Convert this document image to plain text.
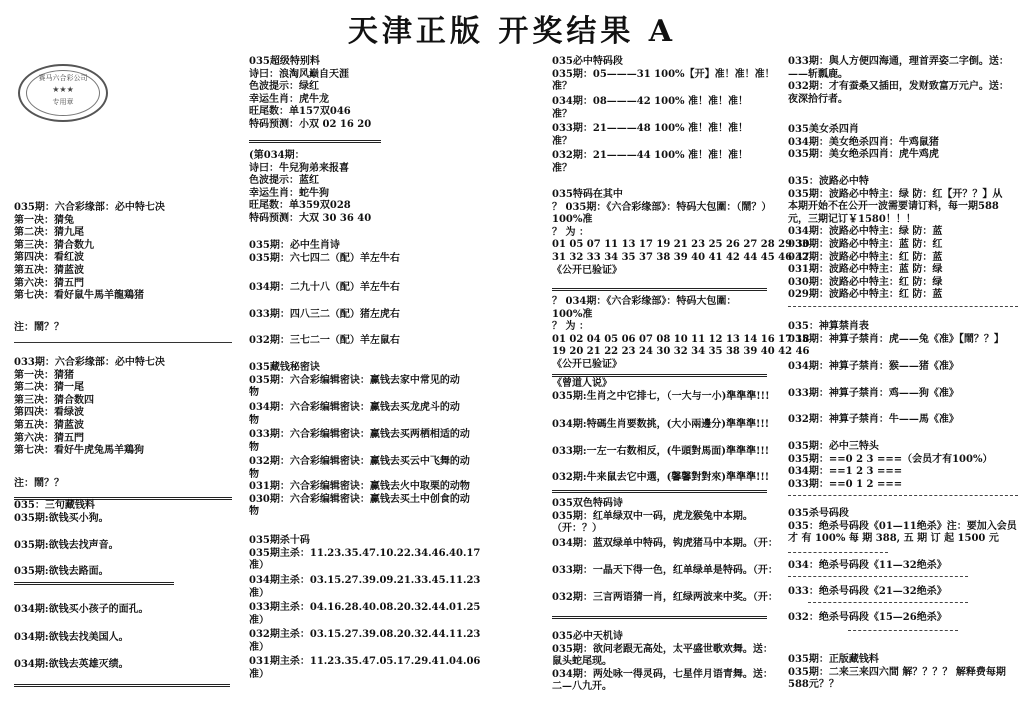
天津正版 开奖结果 A
赛马六合彩公司
★★★
专用章
035期：六合彩缘部：必中特七决
第一决：猜兔
第二决：猜九尾
第三决：猜合数九
第四决：看红波
第五决：猜蓝波
第六决：猜五門
第七决：看好鼠牛馬羊龍鶏猪
注：鬧？？
033期：六合彩缘部：必中特七决
第一决：猜猪
第二决：猜一尾
第三决：猜合数四
第四决：看绿波
第五决：猜蓝波
第六决：猜五門
第七决：看好牛虎兔馬羊鶏狗
注：鬧？？
035：三句藏钱料
035期:欲钱买小狗。
035期:欲钱去找声音。
035期:欲钱去路面。
034期:欲钱买小孩子的面孔。
034期:欲钱去找美国人。
034期:欲钱去英雄灭绩。
035超级特别料
诗曰：浪淘风巅自天涯
色波提示：绿红
幸运生肖：虎牛龙
旺尾数：单157双046
特码预测：小双 02 16 20
(第034期：
诗曰：牛兒狗弟来报喜
色波提示：蓝红
幸运生肖：蛇牛狗
旺尾数：单359双028
特码预测：大双 30 36 40
035期：必中生肖诗
035期：六七四二（配）羊左牛右
034期：二九十八（配）羊左牛右
033期：四八三二（配）猪左虎右
032期：三七二一（配）羊左鼠右
035藏钱秘密诀
035期：六合彩编辑密诀：赢钱去家中常见的动
物
034期：六合彩编辑密诀：赢钱去买龙虎斗的动
物
033期：六合彩编辑密诀：赢钱去买两栖相适的动
物
032期：六合彩编辑密诀：赢钱去买云中飞舞的动
物
031期：六合彩编辑密诀：赢钱去火中取栗的动物
030期：六合彩编辑密诀：赢钱去买土中创食的动
物
035期杀十码
035期主杀：11.23.35.47.10.22.34.46.40.17
准）
034期主杀：03.15.27.39.09.21.33.45.11.23
准）
033期主杀：04.16.28.40.08.20.32.44.01.25
准）
032期主杀：03.15.27.39.08.20.32.44.11.23
准）
031期主杀：11.23.35.47.05.17.29.41.04.06
准）
035必中特码段
035期：05———31 100%【开】准！准！准！
准？
034期：08———42 100% 准！准！准！
准？
033期：21———48 100% 准！准！准！
准？
032期：21———44 100% 准！准！准！
准？
035特码在其中
？ 035期：《六合彩缘部》：特码大包圍：（鬧？）
100%准
？ 为 ：
01 05 07 11 13 17 19 21 23 25 26 27 28 29 30
31 32 33 34 35 37 38 39 40 41 42 44 45 46 47
《公开已验证》
？ 034期：《六合彩缘部》：特码大包圍：
100%准
？ 为 ：
01 02 04 05 06 07 08 10 11 12 13 14 16 17 18
19 20 21 22 23 24 30 32 34 35 38 39 40 42 46
《公开已验证》
《曾道人说》
035期:生肖之中它排七，（一大与一小)準準準!!!
034期:特碼生肖要数挑，(大小兩邊分)準準準!!!
033期:一左一右数相反，(牛頭對馬面)準準準!!!
032期:牛来鼠去它中選，(馨馨對對來)準準準!!!
035双色特码诗
035期：红单绿双中一码，虎龙猴兔中本期。
（开：？）
034期：蓝双绿单中特码，钩虎猪马中本期。（开：
033期：一晶天下得一色，红单绿单是特码。（开：
032期：三言两语猜一肖，红绿两波来中奖。（开：
035必中天机诗
035期：欲问老跟无高处，太平盛世歌欢舞。送：
鼠头蛇尾现。
034期：两处咏一得灵码，七星伴月语青舞。送：
二—八九开。
033期：與人方便四海通，理首弄姿二字倒。送：
——斩瓢鹿。
032期：才有蚕桑又插田，发财致富万元户。送：
夜深拾行者。
035美女杀四肖
034期：美女绝杀四肖：牛鸡鼠猪
035期：美女绝杀四肖：虎牛鸡虎
035：波路必中特
035期：波路必中特主：绿 防：红【开？？】从
本期开始不在公开一波需要请订料，每一期588
元，三期记订￥1580！！！
034期：波路必中特主：绿 防：蓝
033期：波路必中特主：蓝 防：红
032期：波路必中特主：红 防：蓝
031期：波路必中特主：蓝 防：绿
030期：波路必中特主：红 防：绿
029期：波路必中特主：红 防：蓝
035：神算禁肖表
035期：神算子禁肖：虎——兔《准》【鬧？？】
034期：神算子禁肖：猴——猪《准》
033期：神算子禁肖：鸡——狗《准》
032期：神算子禁肖：牛——馬《准》
035期：必中三特头
035期：==0 2 3 ===（会员才有100%）
034期：==1 2 3 ===
033期：==0 1 2 ===
035杀号码段
035：绝杀号码段《01—11绝杀》注：要加入会员
才 有 100% 每 期 388, 五 期 订 起 1500 元
034：绝杀号码段《11—32绝杀》
033：绝杀号码段《21—32绝杀》
032：绝杀号码段《15—26绝杀》
035期：正版藏钱料
035期：二来三来四六間 解？？？？ 解释费每期
588元？？
